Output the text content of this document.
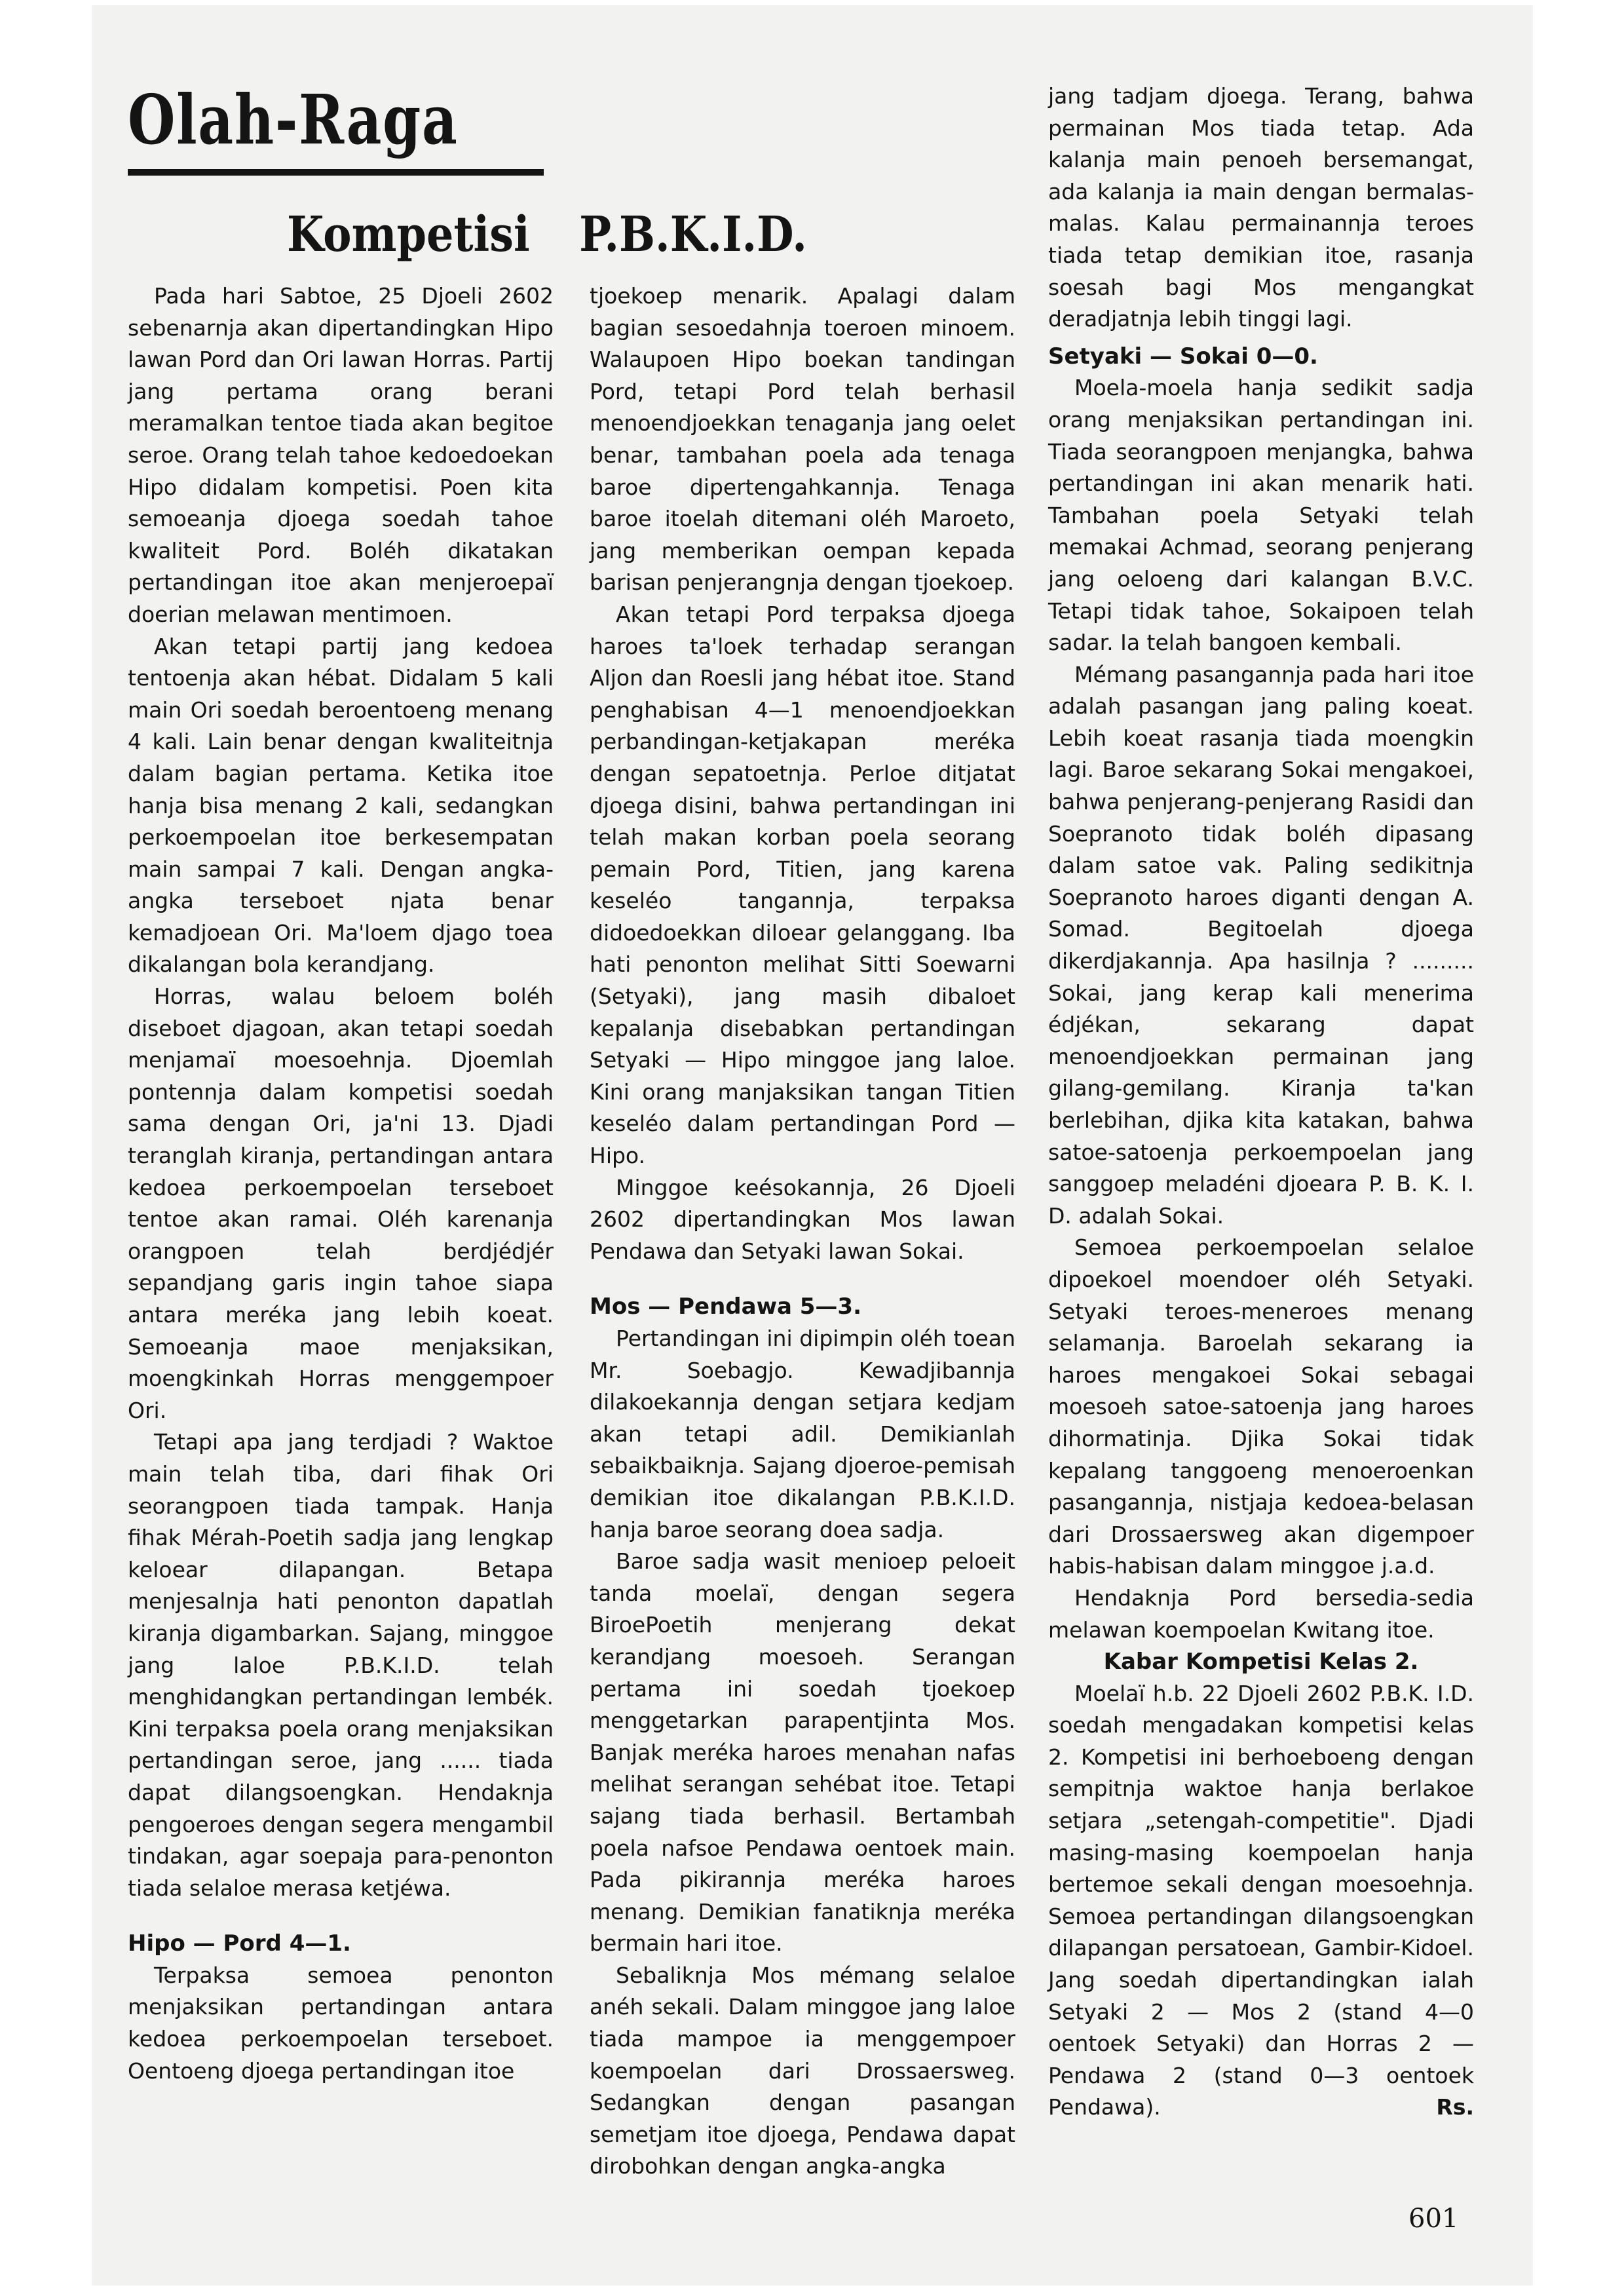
Olah-Raga
Kompetisi P.B.K.I.D.

Pada hari Sabtoe, 25 Djoeli 2602 sebenarnja akan dipertandingkan Hipo lawan Pord dan Ori lawan Horras. Partij jang pertama orang berani meramalkan tentoe tiada akan begitoe seroe. Orang telah tahoe kedoedoekan Hipo didalam kompetisi. Poen kita semoeanja djoega soedah tahoe kwaliteit Pord. Boléh dikatakan pertandingan itoe akan menjeroepaï doerian melawan mentimoen.

Akan tetapi partij jang kedoea tentoenja akan hébat. Didalam 5 kali main Ori soedah beroentoeng menang 4 kali. Lain benar dengan kwaliteitnja dalam bagian pertama. Ketika itoe hanja bisa menang 2 kali, sedangkan perkoempoelan itoe berkesempatan main sampai 7 kali. Dengan angka-angka terseboet njata benar kemadjoean Ori. Ma'loem djago toea dikalangan bola kerandjang.

Horras, walau beloem boléh diseboet djagoan, akan tetapi soedah menjamaï moesoehnja. Djoemlah pontennja dalam kompetisi soedah sama dengan Ori, ja'ni 13. Djadi teranglah kiranja, pertandingan antara kedoea perkoempoelan terseboet tentoe akan ramai. Oléh karenanja orangpoen telah berdjédjér sepandjang garis ingin tahoe siapa antara meréka jang lebih koeat. Semoeanja maoe menjaksikan, moengkinkah Horras menggempoer Ori.

Tetapi apa jang terdjadi ? Waktoe main telah tiba, dari fihak Ori seorangpoen tiada tampak. Hanja fihak Mérah-Poetih sadja jang lengkap keloear dilapangan. Betapa menjesalnja hati penonton dapatlah kiranja digambarkan. Sajang, minggoe jang laloe P.B.K.I.D. telah menghidangkan pertandingan lembék. Kini terpaksa poela orang menjaksikan pertandingan seroe, jang ...... tiada dapat dilangsoengkan. Hendaknja pengoeroes dengan segera mengambil tindakan, agar soepaja para-penonton tiada selaloe merasa ketjéwa.

Hipo — Pord 4—1.

Terpaksa semoea penonton menjaksikan pertandingan antara kedoea perkoempoelan terseboet. Oentoeng djoega pertandingan itoe

tjoekoep menarik. Apalagi dalam bagian sesoedahnja toeroen minoem. Walaupoen Hipo boekan tandingan Pord, tetapi Pord telah berhasil menoendjoekkan tenaganja jang oelet benar, tambahan poela ada tenaga baroe dipertengahkannja. Tenaga baroe itoelah ditemani oléh Maroeto, jang memberikan oempan kepada barisan penjerangnja dengan tjoekoep.

Akan tetapi Pord terpaksa djoega haroes ta'loek terhadap serangan Aljon dan Roesli jang hébat itoe. Stand penghabisan 4—1 menoendjoekkan perbandingan-ketjakapan meréka dengan sepatoetnja. Perloe ditjatat djoega disini, bahwa pertandingan ini telah makan korban poela seorang pemain Pord, Titien, jang karena keseléo tangannja, terpaksa didoedoekkan diloear gelanggang. Iba hati penonton melihat Sitti Soewarni (Setyaki), jang masih dibaloet kepalanja disebabkan pertandingan Setyaki — Hipo minggoe jang laloe. Kini orang manjaksikan tangan Titien keseléo dalam pertandingan Pord — Hipo.

Minggoe keésokannja, 26 Djoeli 2602 dipertandingkan Mos lawan Pendawa dan Setyaki lawan Sokai.

Mos — Pendawa 5—3.

Pertandingan ini dipimpin oléh toean Mr. Soebagjo. Kewadjibannja dilakoekannja dengan setjara kedjam akan tetapi adil. Demikianlah sebaikbaiknja. Sajang djoeroe-pemisah demikian itoe dikalangan P.B.K.I.D. hanja baroe seorang doea sadja.

Baroe sadja wasit menioep peloeit tanda moelaï, dengan segera BiroePoetih menjerang dekat kerandjang moesoeh. Serangan pertama ini soedah tjoekoep menggetarkan parapentjinta Mos. Banjak meréka haroes menahan nafas melihat serangan sehébat itoe. Tetapi sajang tiada berhasil. Bertambah poela nafsoe Pendawa oentoek main. Pada pikirannja meréka haroes menang. Demikian fanatiknja meréka bermain hari itoe.

Sebaliknja Mos mémang selaloe anéh sekali. Dalam minggoe jang laloe tiada mampoe ia menggempoer koempoelan dari Drossaersweg. Sedangkan dengan pasangan semetjam itoe djoega, Pendawa dapat dirobohkan dengan angka-angka

jang tadjam djoega. Terang, bahwa permainan Mos tiada tetap. Ada kalanja main penoeh bersemangat, ada kalanja ia main dengan bermalas-malas. Kalau permainannja teroes tiada tetap demikian itoe, rasanja soesah bagi Mos mengangkat deradjatnja lebih tinggi lagi.

Setyaki — Sokai 0—0.

Moela-moela hanja sedikit sadja orang menjaksikan pertandingan ini. Tiada seorangpoen menjangka, bahwa pertandingan ini akan menarik hati. Tambahan poela Setyaki telah memakai Achmad, seorang penjerang jang oeloeng dari kalangan B.V.C. Tetapi tidak tahoe, Sokaipoen telah sadar. Ia telah bangoen kembali.

Mémang pasangannja pada hari itoe adalah pasangan jang paling koeat. Lebih koeat rasanja tiada moengkin lagi. Baroe sekarang Sokai mengakoei, bahwa penjerang-penjerang Rasidi dan Soepranoto tidak boléh dipasang dalam satoe vak. Paling sedikitnja Soepranoto haroes diganti dengan A. Somad. Begitoelah djoega dikerdjakannja. Apa hasilnja ? ......... Sokai, jang kerap kali menerima édjékan, sekarang dapat menoendjoekkan permainan jang gilang-gemilang. Kiranja ta'kan berlebihan, djika kita katakan, bahwa satoe-satoenja perkoempoelan jang sanggoep meladéni djoeara P. B. K. I. D. adalah Sokai.

Semoea perkoempoelan selaloe dipoekoel moendoer oléh Setyaki. Setyaki teroes-meneroes menang selamanja. Baroelah sekarang ia haroes mengakoei Sokai sebagai moesoeh satoe-satoenja jang haroes dihormatinja. Djika Sokai tidak kepalang tanggoeng menoeroenkan pasangannja, nistjaja kedoea-belasan dari Drossaersweg akan digempoer habis-habisan dalam minggoe j.a.d.

Hendaknja Pord bersedia-sedia melawan koempoelan Kwitang itoe.

Kabar Kompetisi Kelas 2.

Moelaï h.b. 22 Djoeli 2602 P.B.K. I.D. soedah mengadakan kompetisi kelas 2. Kompetisi ini berhoeboeng dengan sempitnja waktoe hanja berlakoe setjara „setengah-competitie". Djadi masing-masing koempoelan hanja bertemoe sekali dengan moesoehnja. Semoea pertandingan dilangsoengkan dilapangan persatoean, Gambir-Kidoel. Jang soedah dipertandingkan ialah Setyaki 2 — Mos 2 (stand 4—0 oentoek Setyaki) dan Horras 2 — Pendawa 2 (stand 0—3 oentoek Pendawa).	Rs.

601
